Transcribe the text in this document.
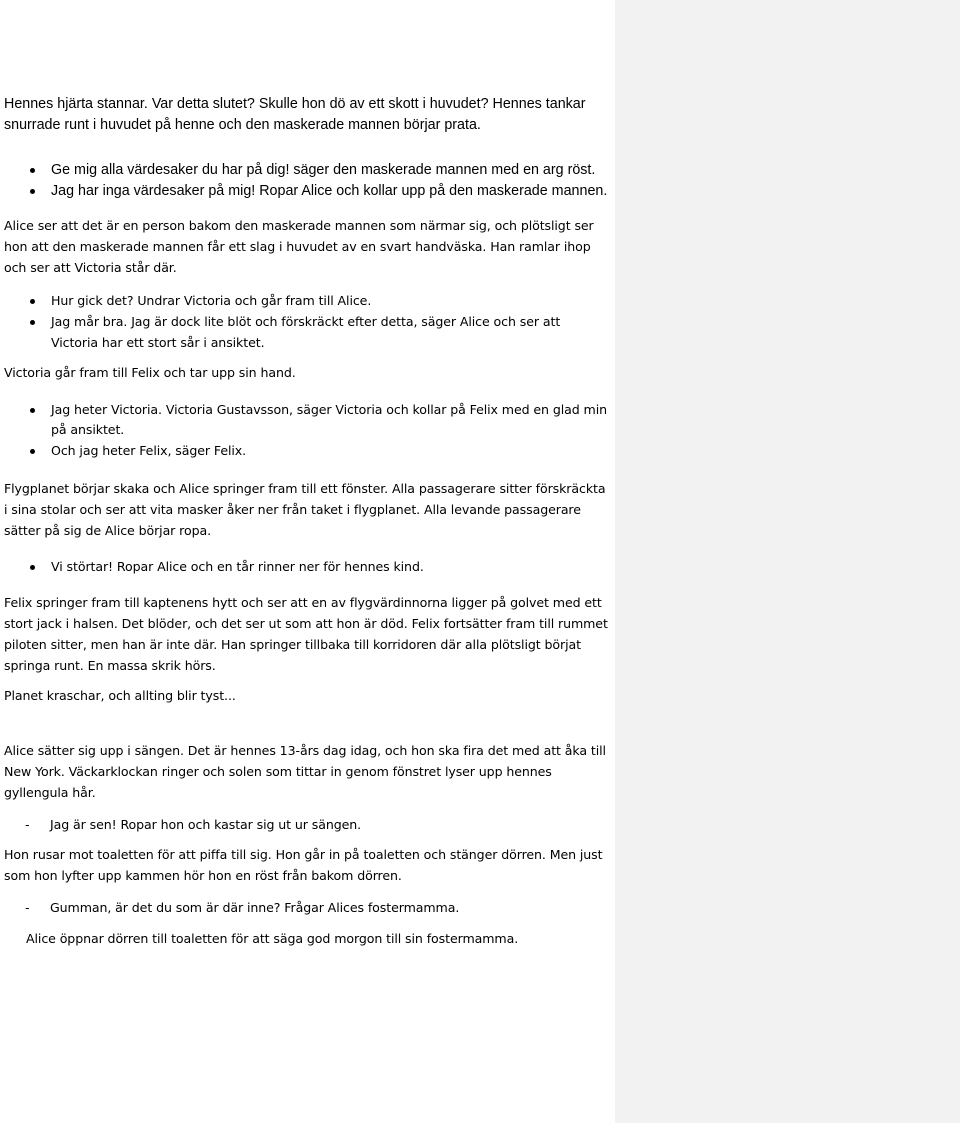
Hennes hjärta stannar. Var detta slutet? Skulle hon dö av ett skott i huvudet? Hennes tankar snurrade runt i huvudet på henne och den maskerade mannen börjar prata.

Ge mig alla värdesaker du har på dig! säger den maskerade mannen med en arg röst.
Jag har inga värdesaker på mig! Ropar Alice och kollar upp på den maskerade mannen.

Alice ser att det är en person bakom den maskerade mannen som närmar sig, och plötsligt ser hon att den maskerade mannen får ett slag i huvudet av en svart handväska. Han ramlar ihop och ser att Victoria står där.

Hur gick det? Undrar Victoria och går fram till Alice.
Jag mår bra. Jag är dock lite blöt och förskräckt efter detta, säger Alice och ser att Victoria har ett stort sår i ansiktet.

Victoria går fram till Felix och tar upp sin hand.

Jag heter Victoria. Victoria Gustavsson, säger Victoria och kollar på Felix med en glad min på ansiktet.
Och jag heter Felix, säger Felix.

Flygplanet börjar skaka och Alice springer fram till ett fönster. Alla passagerare sitter förskräckta i sina stolar och ser att vita masker åker ner från taket i flygplanet. Alla levande passagerare sätter på sig de Alice börjar ropa.

Vi störtar! Ropar Alice och en tår rinner ner för hennes kind.

Felix springer fram till kaptenens hytt och ser att en av flygvärdinnorna ligger på golvet med ett stort jack i halsen. Det blöder, och det ser ut som att hon är död. Felix fortsätter fram till rummet piloten sitter, men han är inte där. Han springer tillbaka till korridoren där alla plötsligt börjat springa runt. En massa skrik hörs.

Planet kraschar, och allting blir tyst...

Alice sätter sig upp i sängen. Det är hennes 13-års dag idag, och hon ska fira det med att åka till New York. Väckarklockan ringer och solen som tittar in genom fönstret lyser upp hennes gyllengula hår.

- Jag är sen! Ropar hon och kastar sig ut ur sängen.

Hon rusar mot toaletten för att piffa till sig. Hon går in på toaletten och stänger dörren. Men just som hon lyfter upp kammen hör hon en röst från bakom dörren.

- Gumman, är det du som är där inne? Frågar Alices fostermamma.

Alice öppnar dörren till toaletten för att säga god morgon till sin fostermamma.
